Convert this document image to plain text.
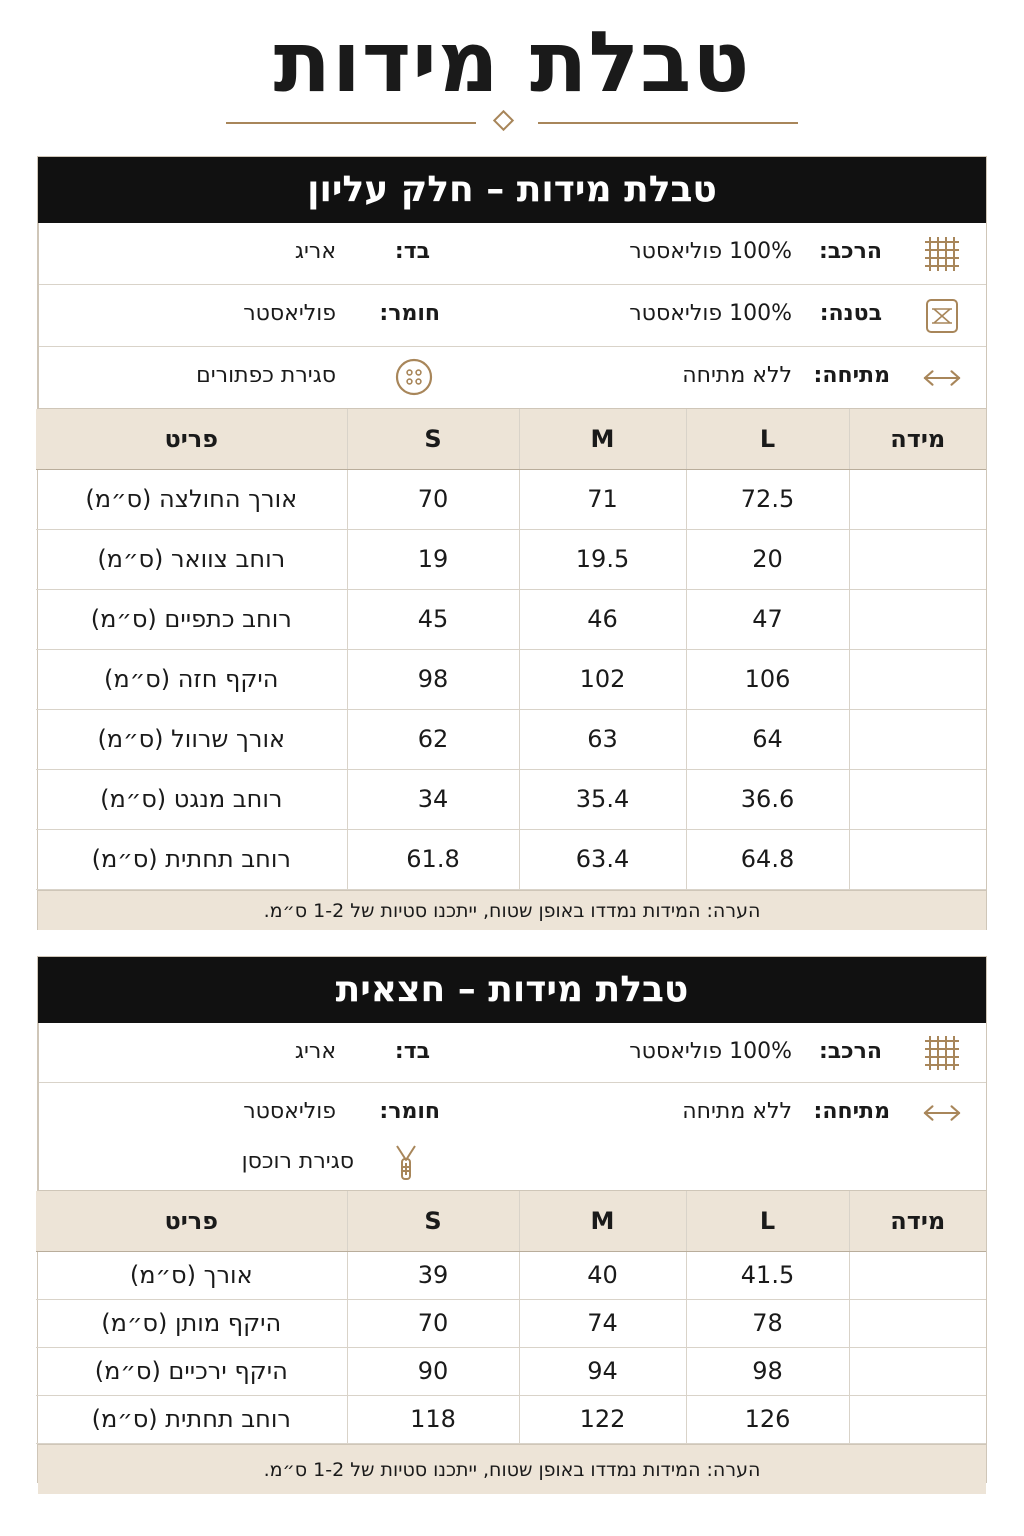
טבלת מידות
טבלת מידות – חלק עליון
בד:
אריג
חומר:
פוליאסטר
סגירת כפתורים
הרכב:
100% פוליאסטר
בטנה:
100% פוליאסטר
מתיחה:
ללא מתיחה
מידה	L	M	S	פריט
	72.5	71	70	אורך החולצה (ס״מ)
	20	19.5	19	רוחב צוואר (ס״מ)
	47	46	45	רוחב כתפיים (ס״מ)
	106	102	98	היקף חזה (ס״מ)
	64	63	62	אורך שרוול (ס״מ)
	36.6	35.4	34	רוחב מנגט (ס״מ)
	64.8	63.4	61.8	רוחב תחתית (ס״מ)
הערה: המידות נמדדו באופן שטוח, ייתכנו סטיות של 1-2 ס״מ.
טבלת מידות – חצאית
בד:
אריג
חומר:
פוליאסטר
סגירת רוכסן
הרכב:
100% פוליאסטר
מתיחה:
ללא מתיחה
מידה	L	M	S	פריט
	41.5	40	39	אורך (ס״מ)
	78	74	70	היקף מותן (ס״מ)
	98	94	90	היקף ירכיים (ס״מ)
	126	122	118	רוחב תחתית (ס״מ)
הערה: המידות נמדדו באופן שטוח, ייתכנו סטיות של 1-2 ס״מ.
